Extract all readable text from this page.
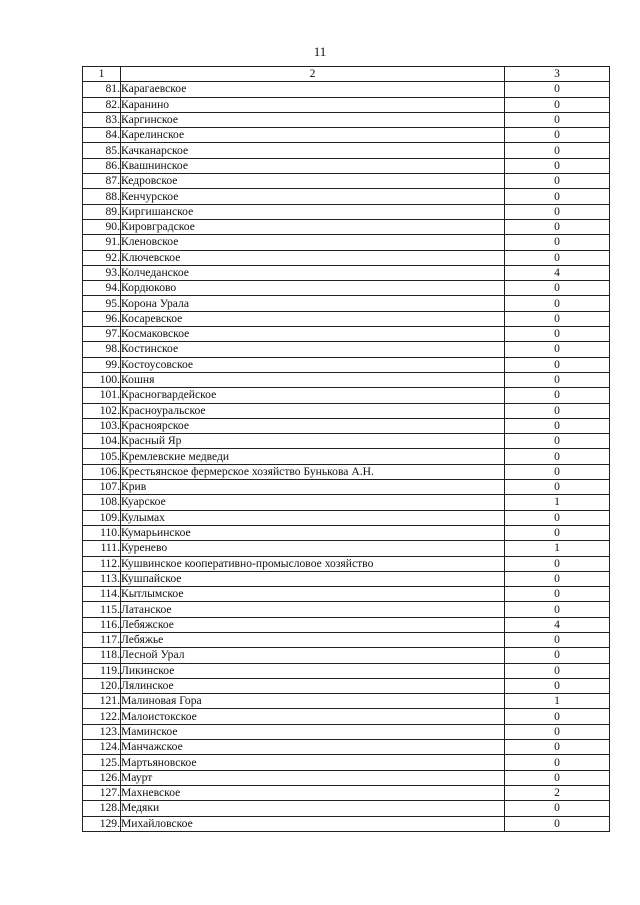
11
1	2	3
81.	Карагаевское	0
82.	Каранино	0
83.	Каргинское	0
84.	Карелинское	0
85.	Качканарское	0
86.	Квашнинское	0
87.	Кедровское	0
88.	Кенчурское	0
89.	Киргишанское	0
90.	Кировградское	0
91.	Кленовское	0
92.	Ключевское	0
93.	Колчеданское	4
94.	Кордюково	0
95.	Корона Урала	0
96.	Косаревское	0
97.	Космаковское	0
98.	Костинское	0
99.	Костоусовское	0
100.	Кошня	0
101.	Красногвардейское	0
102.	Красноуральское	0
103.	Красноярское	0
104.	Красный Яр	0
105.	Кремлевские медведи	0
106.	Крестьянское фермерское хозяйство Бунькова А.Н.	0
107.	Крив	0
108.	Куарское	1
109.	Кулымах	0
110.	Кумарьинское	0
111.	Куренево	1
112.	Кушвинское кооперативно-промысловое хозяйство	0
113.	Кушпайское	0
114.	Кытлымское	0
115.	Латанское	0
116.	Лебяжское	4
117.	Лебяжье	0
118.	Лесной Урал	0
119.	Ликинское	0
120.	Лялинское	0
121.	Малиновая Гора	1
122.	Малоистокское	0
123.	Маминское	0
124.	Манчажское	0
125.	Мартьяновское	0
126.	Маурт	0
127.	Махневское	2
128.	Медяки	0
129.	Михайловское	0
